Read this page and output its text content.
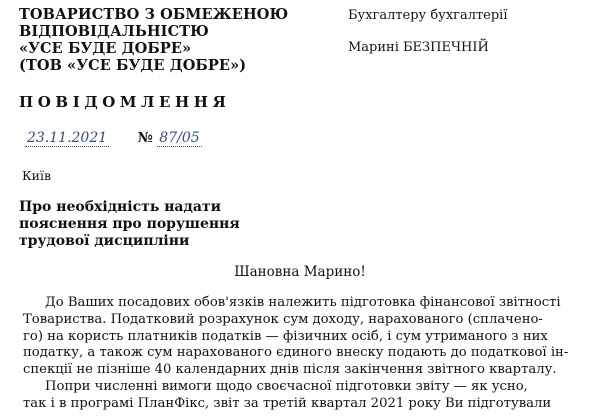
ТОВАРИСТВО З ОБМЕЖЕНОЮ
ВІДПОВІДАЛЬНІСТЮ
«УСЕ БУДЕ ДОБРЕ»
(ТОВ «УСЕ БУДЕ ДОБРЕ»)
Бухгалтеру бухгалтерії
Марині БЕЗПЕЧНІЙ
ПОВІДОМЛЕННЯ
23.11.2021 № 87/05
Київ
Про необхідність надати
пояснення про порушення
трудової дисципліни
Шановна Марино!
До Ваших посадових обов'язків належить підготовка фінансової звітності
Товариства. Податковий розрахунок сум доходу, нарахованого (сплачено-
го) на користь платників податків — фізичних осіб, і сум утриманого з них
податку, а також сум нарахованого єдиного внеску подають до податкової ін-
спекції не пізніше 40 календарних днів після закінчення звітного кварталу.
Попри численні вимоги щодо своєчасної підготовки звіту — як усно,
так і в програмі ПланФікс, звіт за третій квартал 2021 року Ви підготували
